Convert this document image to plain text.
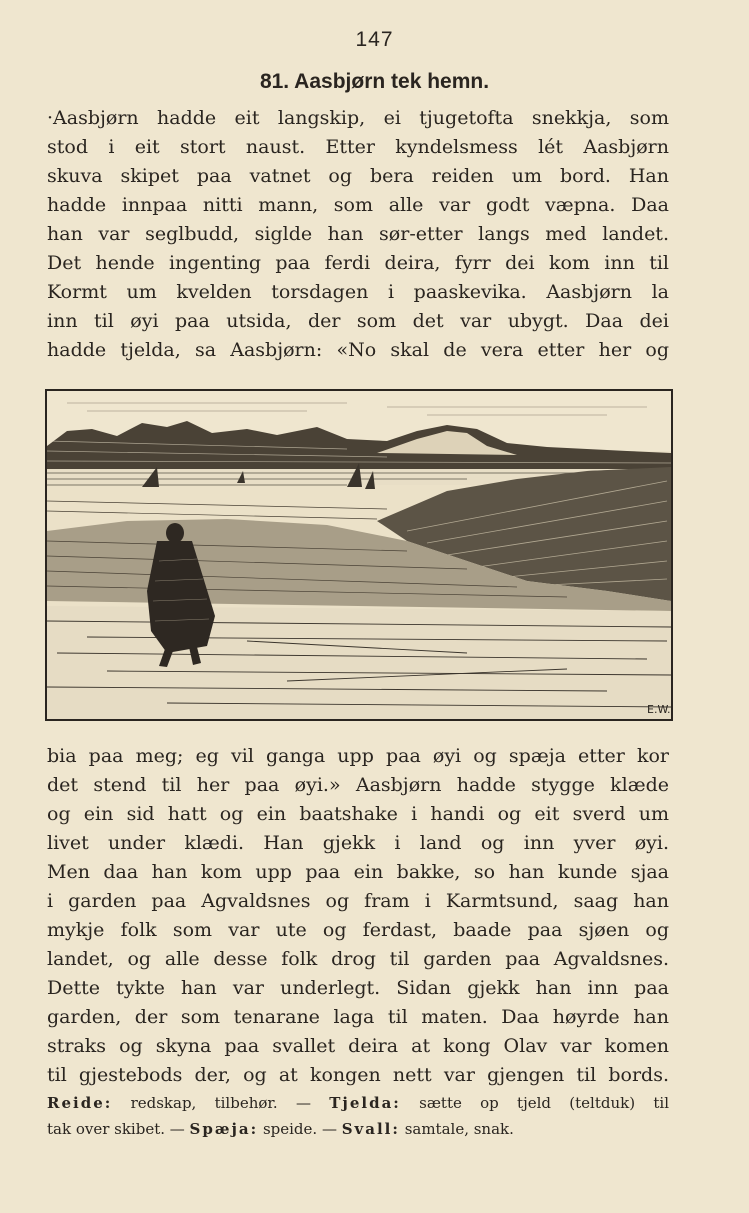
147
81. Aasbjørn tek hemn.
·Aasbjørn hadde eit langskip, ei tjugetofta snekkja, som
stod i eit stort naust. Etter kyndelsmess lét Aasbjørn
skuva skipet paa vatnet og bera reiden um bord. Han
hadde innpaa nitti mann, som alle var godt væpna. Daa
han var seglbudd, siglde han sør-etter langs med landet.
Det hende ingenting paa ferdi deira, fyrr dei kom inn til
Kormt um kvelden torsdagen i paaskevika. Aasbjørn la
inn til øyi paa utsida, der som det var ubygt. Daa dei
hadde tjelda, sa Aasbjørn: «No skal de vera etter her og
E.W.
bia paa meg; eg vil ganga upp paa øyi og spæja etter kor
det stend til her paa øyi.» Aasbjørn hadde stygge klæde
og ein sid hatt og ein baatshake i handi og eit sverd um
livet under klædi. Han gjekk i land og inn yver øyi.
Men daa han kom upp paa ein bakke, so han kunde sjaa
i garden paa Agvaldsnes og fram i Karmtsund, saag han
mykje folk som var ute og ferdast, baade paa sjøen og
landet, og alle desse folk drog til garden paa Agvaldsnes.
Dette tykte han var underlegt. Sidan gjekk han inn paa
garden, der som tenarane laga til maten. Daa høyrde han
straks og skyna paa svallet deira at kong Olav var komen
til gjestebods der, og at kongen nett var gjengen til bords.
Reide: redskap, tilbehør. — Tjelda: sætte op tjeld (teltduk) til
tak over skibet. — Spæja: speide. — Svall: samtale, snak.
